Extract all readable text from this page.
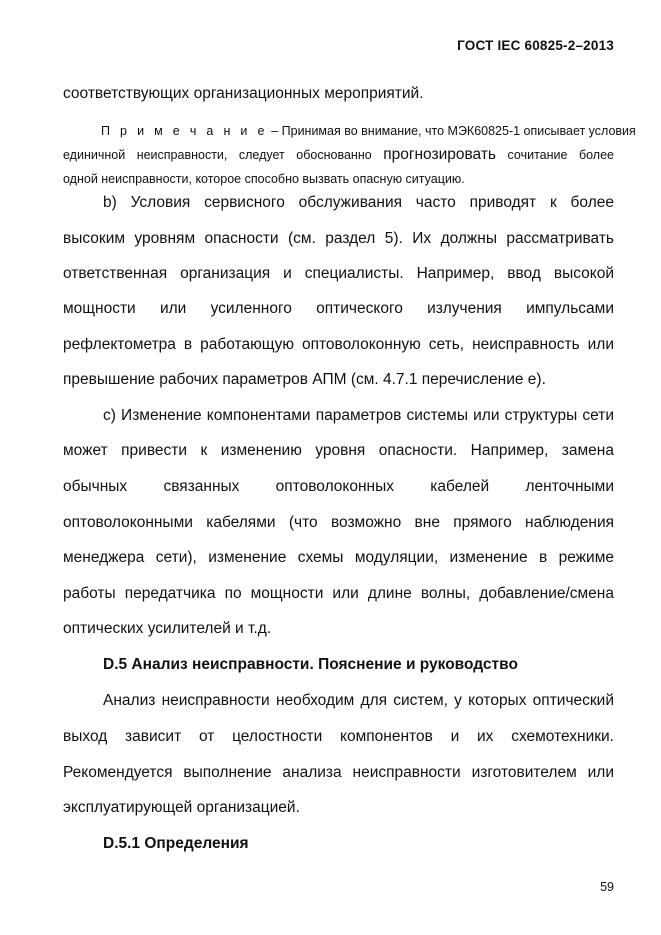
ГОСТ IEC 60825-2–2013
соответствующих организационных мероприятий.
П р и м е ч а н и е – Принимая во внимание, что МЭК60825-1 описывает условия
единичной неисправности, следует обоснованно прогнозировать сочитание более
одной неисправности, которое способно вызвать опасную ситуацию.
b) Условия сервисного обслуживания часто приводят к более
высоким уровням опасности (см. раздел 5). Их должны рассматривать
ответственная организация и специалисты. Например, ввод высокой
мощности или усиленного оптического излучения импульсами
рефлектометра в работающую оптоволоконную сеть, неисправность или
превышение рабочих параметров АПМ (см. 4.7.1 перечисление е).
с) Изменение компонентами параметров системы или структуры сети
может привести к изменению уровня опасности. Например, замена
обычных связанных оптоволоконных кабелей ленточными
оптоволоконными кабелями (что возможно вне прямого наблюдения
менеджера сети), изменение схемы модуляции, изменение в режиме
работы передатчика по мощности или длине волны, добавление/смена
оптических усилителей и т.д.
D.5 Анализ неисправности. Пояснение и руководство
Анализ неисправности необходим для систем, у которых оптический
выход зависит от целостности компонентов и их схемотехники.
Рекомендуется выполнение анализа неисправности изготовителем или
эксплуатирующей организацией.
D.5.1 Определения
59
